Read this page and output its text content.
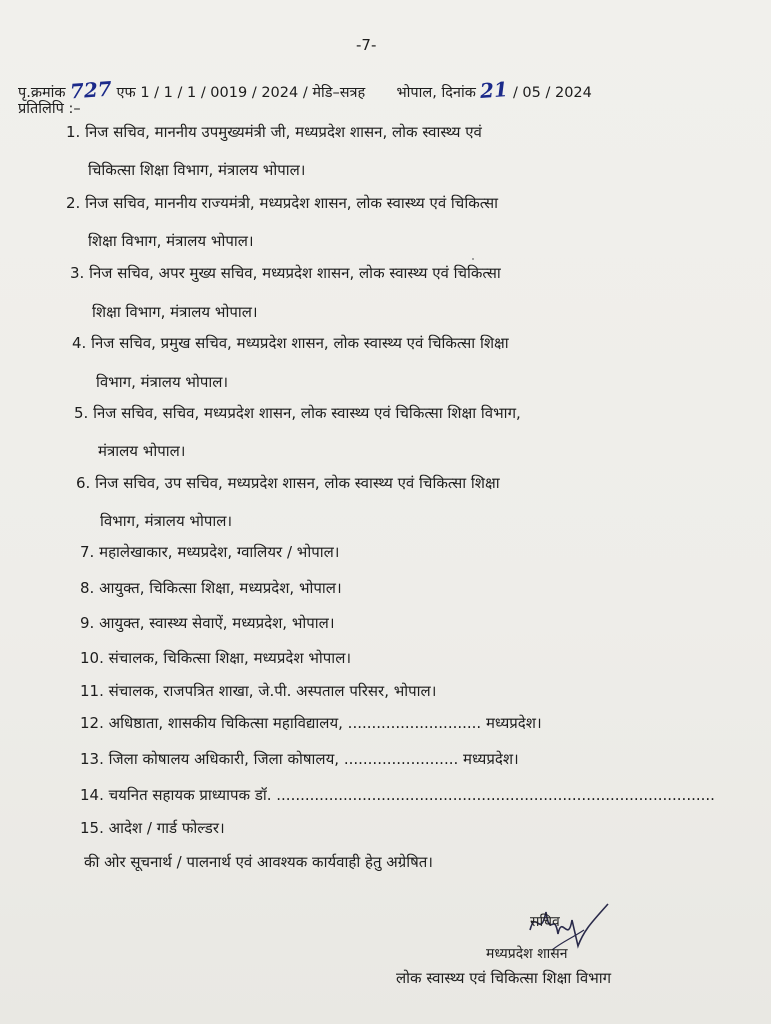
-7-
पृ.क्रमांक 727 एफ 1 / 1 / 1 / 0019 / 2024 / मेडि–सत्रह भोपाल, दिनांक 21 / 05 / 2024
प्रतिलिपि :–
1. निज सचिव, माननीय उपमुख्यमंत्री जी, मध्यप्रदेश शासन, लोक स्वास्थ्य एवं
चिकित्सा शिक्षा विभाग, मंत्रालय भोपाल।
2. निज सचिव, माननीय राज्यमंत्री, मध्यप्रदेश शासन, लोक स्वास्थ्य एवं चिकित्सा
शिक्षा विभाग, मंत्रालय भोपाल।
3. निज सचिव, अपर मुख्य सचिव, मध्यप्रदेश शासन, लोक स्वास्थ्य एवं चिकित्सा
शिक्षा विभाग, मंत्रालय भोपाल।
4. निज सचिव, प्रमुख सचिव, मध्यप्रदेश शासन, लोक स्वास्थ्य एवं चिकित्सा शिक्षा
विभाग, मंत्रालय भोपाल।
5. निज सचिव, सचिव, मध्यप्रदेश शासन, लोक स्वास्थ्य एवं चिकित्सा शिक्षा विभाग,
मंत्रालय भोपाल।
6. निज सचिव, उप सचिव, मध्यप्रदेश शासन, लोक स्वास्थ्य एवं चिकित्सा शिक्षा
विभाग, मंत्रालय भोपाल।
7. महालेखाकार, मध्यप्रदेश, ग्वालियर / भोपाल।
8. आयुक्त, चिकित्सा शिक्षा, मध्यप्रदेश, भोपाल।
9. आयुक्त, स्वास्थ्य सेवाऐं, मध्यप्रदेश, भोपाल।
10. संचालक, चिकित्सा शिक्षा, मध्यप्रदेश भोपाल।
11. संचालक, राजपत्रित शाखा, जे.पी. अस्पताल परिसर, भोपाल।
12. अधिष्ठाता, शासकीय चिकित्सा महाविद्यालय, ............................ मध्यप्रदेश।
13. जिला कोषालय अधिकारी, जिला कोषालय, ........................ मध्यप्रदेश।
14. चयनित सहायक प्राध्यापक डॉ. ............................................................................................
15. आदेश / गार्ड फोल्डर।
की ओर सूचनार्थ / पालनार्थ एवं आवश्यक कार्यवाही हेतु अग्रेषित।
सचिव
मध्यप्रदेश शासन
लोक स्वास्थ्य एवं चिकित्सा शिक्षा विभाग
